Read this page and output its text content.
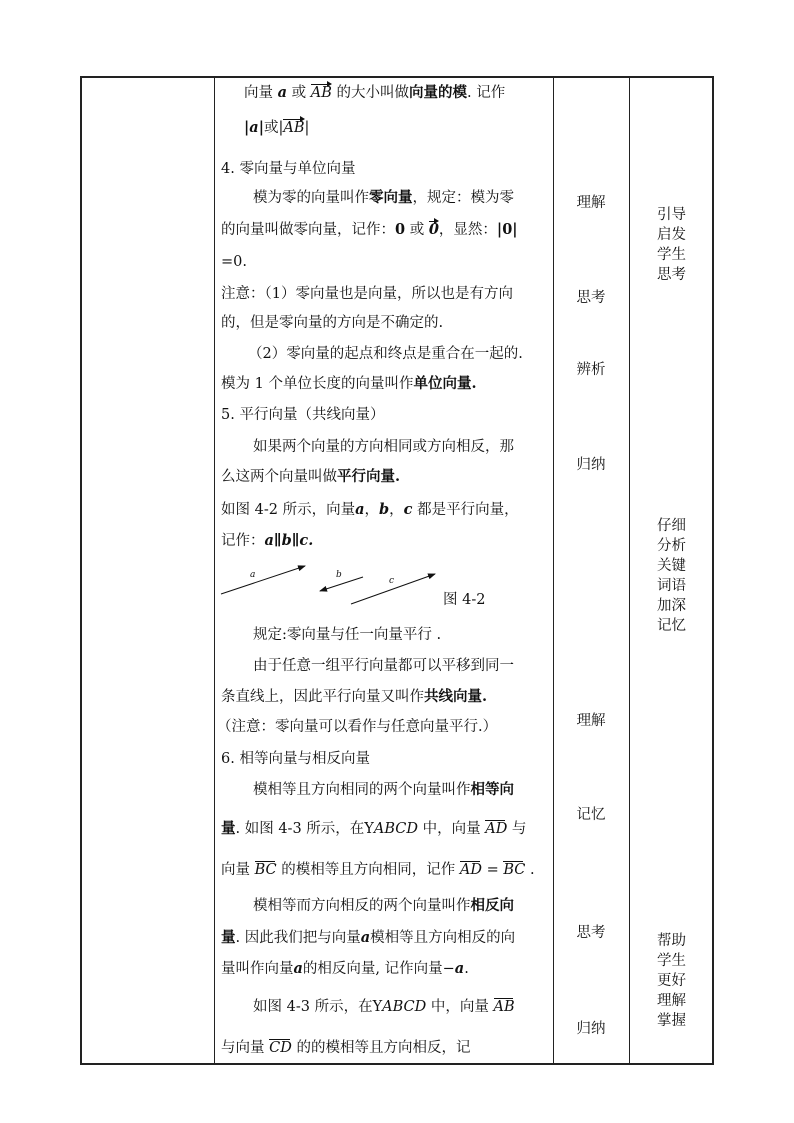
向量 a 或 AB 的大小叫做向量的模. 记作
| a | 或 | AB |
4. 零向量与单位向量
模为零的向量叫作零向量，规定：模为零
的向量叫做零向量，记作：0 或 0，显然： | 0 |
=0.
注意：（1）零向量也是向量，所以也是有方向
的，但是零向量的方向是不确定的.
（2）零向量的起点和终点是重合在一起的.
模为 1 个单位长度的向量叫作单位向量.
5. 平行向量（共线向量）
如果两个向量的方向相同或方向相反，那
么这两个向量叫做平行向量.
如图 4-2 所示，向量a，b，c 都是平行向量，
记作：a∥b∥c.
a	b
c
图 4-2
规定:零向量与任一向量平行 .
由于任意一组平行向量都可以平移到同一
条直线上，因此平行向量又叫作共线向量.
（注意：零向量可以看作与任意向量平行.）
6. 相等向量与相反向量
模相等且方向相同的两个向量叫作相等向
量. 如图 4-3 所示，在YABCD 中，向量 AD 与
向量 BC 的模相等且方向相同，记作 AD = BC .
模相等而方向相反的两个向量叫作相反向
量. 因此我们把与向量a模相等且方向相反的向
量叫作向量a的相反向量, 记作向量−a.
如图 4-3 所示，在YABCD 中，向量 AB
与向量 CD 的的模相等且方向相反，记
理解
思考
辨析
归纳
理解
记忆
思考
归纳
引导
启发
学生
思考
仔细
分析
关键
词语
加深
记忆
帮助
学生
更好
理解
掌握
